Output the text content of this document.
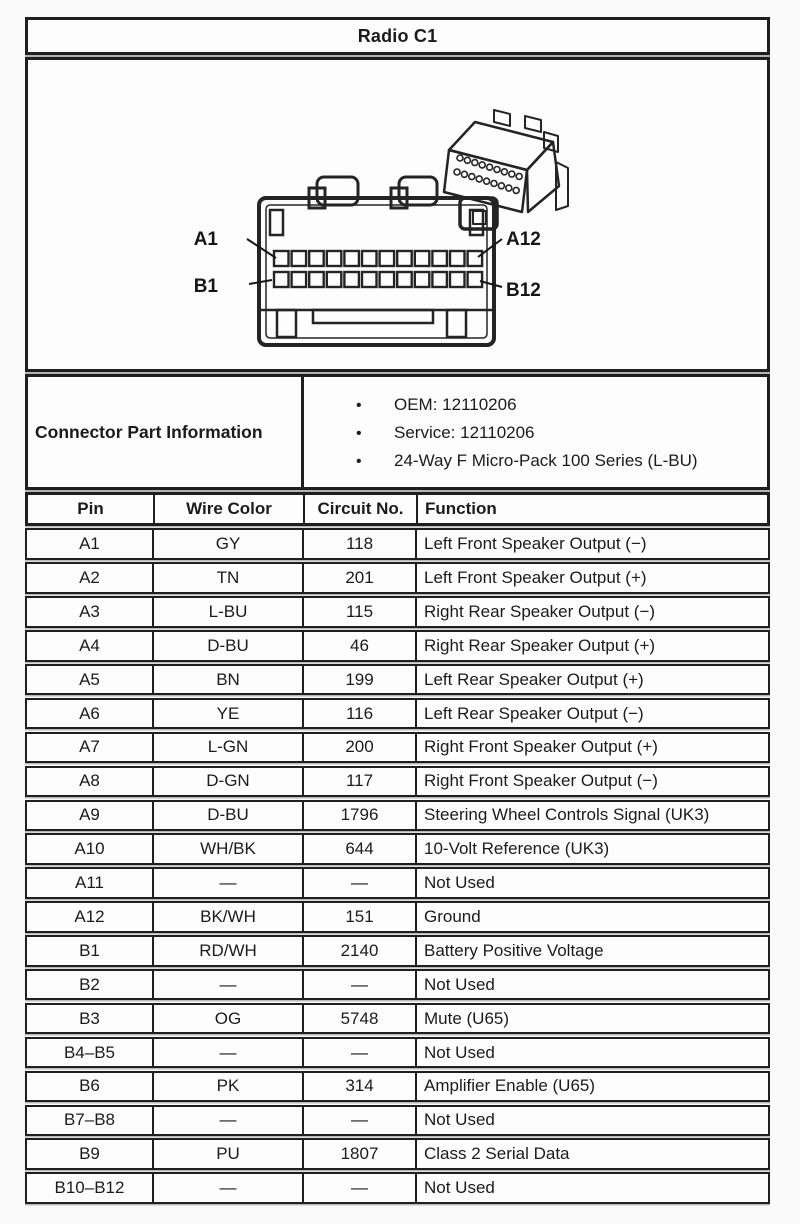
Radio C1
A1	A12
B1	B12
Connector Part Information
•	OEM: 12110206
•	Service: 12110206
•	24-Way F Micro-Pack 100 Series (L-BU)
Pin	Wire Color	Circuit No.	Function
A1	GY	118	Left Front Speaker Output (−)
A2	TN	201	Left Front Speaker Output (+)
A3	L-BU	115	Right Rear Speaker Output (−)
A4	D-BU	46	Right Rear Speaker Output (+)
A5	BN	199	Left Rear Speaker Output (+)
A6	YE	116	Left Rear Speaker Output (−)
A7	L-GN	200	Right Front Speaker Output (+)
A8	D-GN	117	Right Front Speaker Output (−)
A9	D-BU	1796	Steering Wheel Controls Signal (UK3)
A10	WH/BK	644	10-Volt Reference (UK3)
A11	—	—	Not Used
A12	BK/WH	151	Ground
B1	RD/WH	2140	Battery Positive Voltage
B2	—	—	Not Used
B3	OG	5748	Mute (U65)
B4–B5	—	—	Not Used
B6	PK	314	Amplifier Enable (U65)
B7–B8	—	—	Not Used
B9	PU	1807	Class 2 Serial Data
B10–B12	—	—	Not Used
